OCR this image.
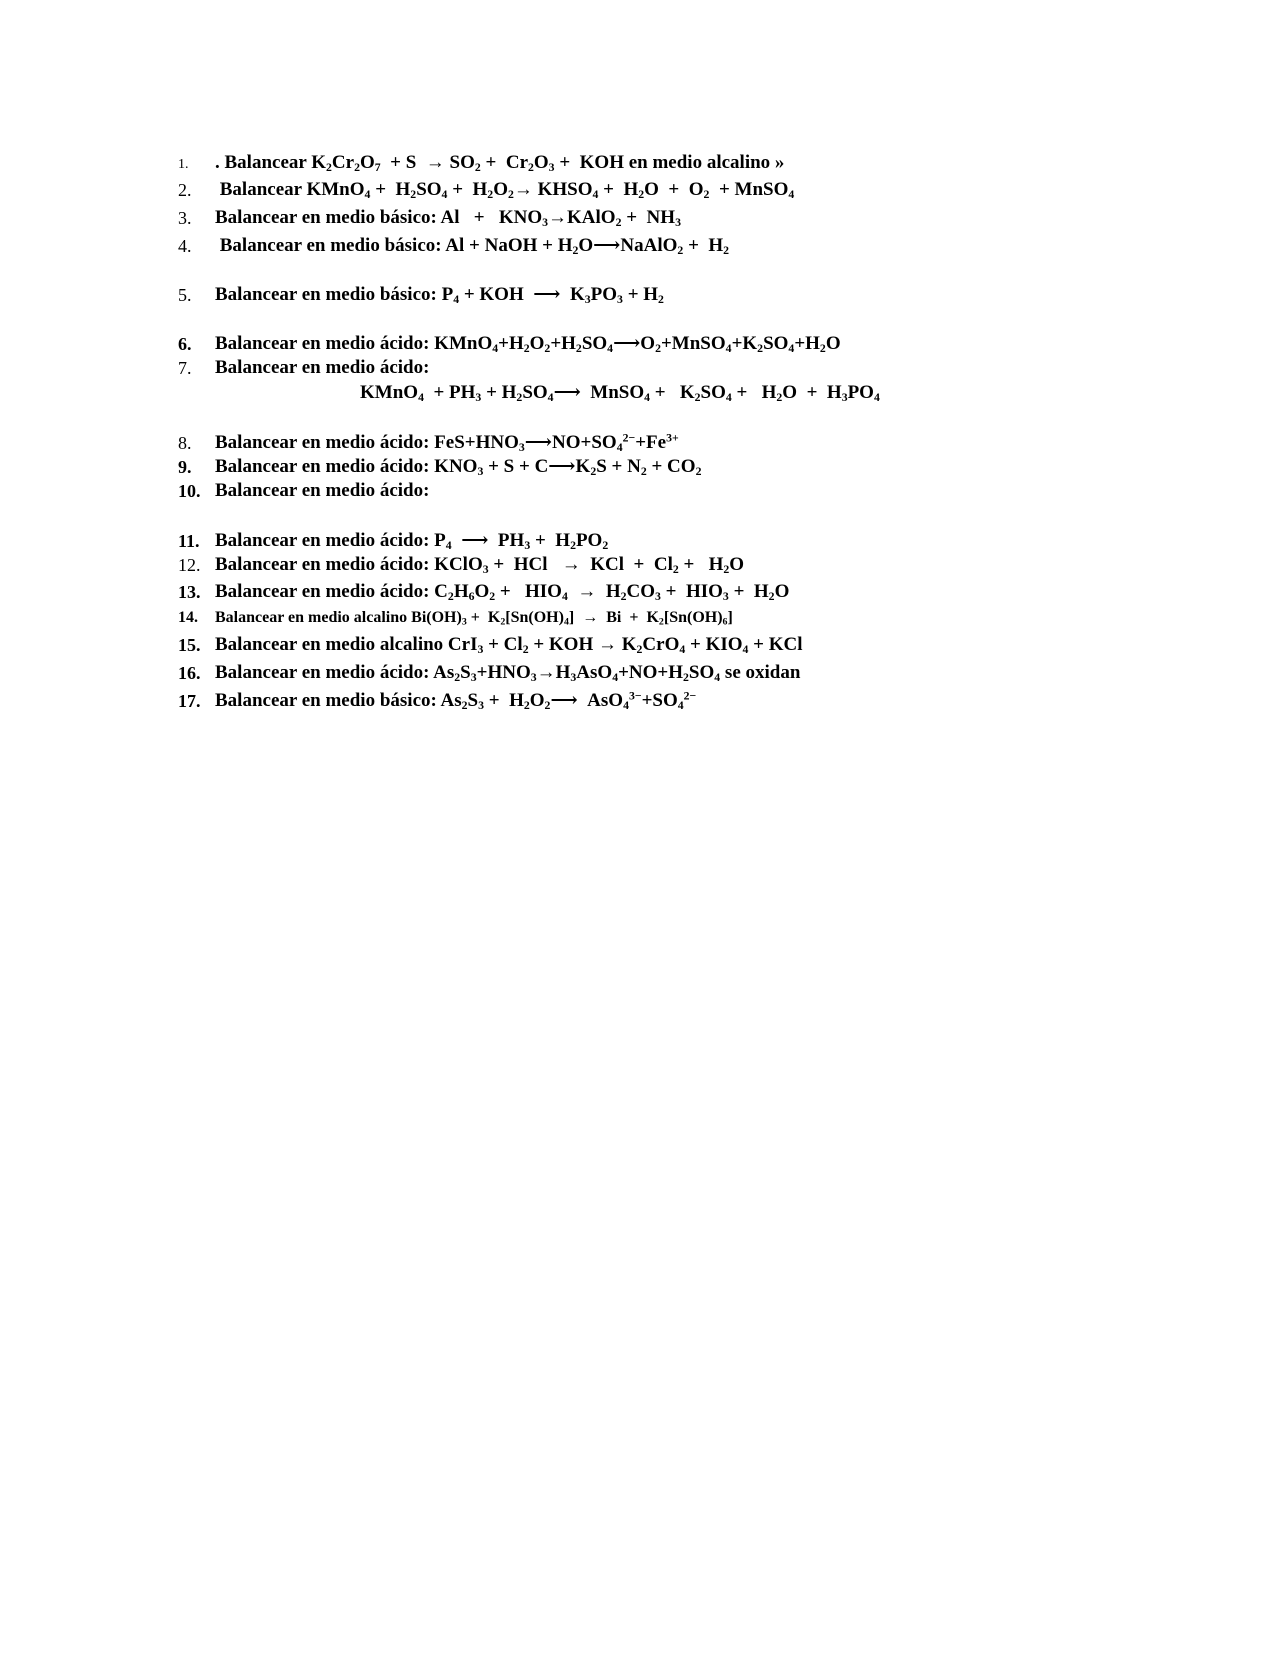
1. . Balancear $K_2Cr_2O_7 + S \to SO_2 + Cr_2O_3$ +  KOH en medio alcalino »
2. Balancear KMnO$_4$ +  $H_2SO_4 + H_2O_2\to$ $KHSO_4 + H_2O + O_2$  + MnSO$_4$
3. Balancear en medio básico: $Al + KNO_3\to KAlO_2 + NH_3$
4. Balancear en medio básico: Al + NaOH + $H_2O⟶NaAlO_2 + H_2$
5. Balancear en medio básico: $P_4$ + KOH  ⟶  $K_3PO_3 + H_2$
6. Balancear en medio ácido: $KMnO_4+H_2O_2+H_2SO_4⟶O_2+MnSO_4+K_2SO_4+H_2O$
7. Balancear en medio ácido:
KMnO$_4$  + $PH_3$ + $H_2SO_4⟶$  MnSO$_4$ +   $K_2SO_4 + H_2O + H_3PO_4$
8. Balancear en medio ácido: $FeS+HNO_3⟶NO+SO_4^{2-}+Fe^{3+}$
9. Balancear en medio ácido: $KNO_3 + S$ + $C⟶K_2S + N_2 + CO_2$
10. Balancear en medio ácido:
11. Balancear en medio ácido: $P_4$  ⟶  $PH_3 + H_2PO_2$
12. Balancear en medio ácido: KClO$_3$ +  HCl   →  KCl  +  $Cl_2 + H_2O$
13. Balancear en medio ácido: $C_2H_6O_2 + HIO_4 \to H_2CO_3 + HIO_3 + H_2O$
14. Balancear en medio alcalino $Bi(OH)_3 + K_2[Sn(OH)_4] \to Bi + K_2[Sn(OH)_6]$
15. Balancear en medio alcalino $CrI_3 + Cl_2$ + KOH → $K_2CrO_4 + KIO_4$ + KCl
16. Balancear en medio ácido: $As_2S_3+HNO_3\to H_3AsO_4+NO+H_2SO_4$ se oxidan
17. Balancear en medio básico: $As_2S_3$ +  $H_2O_2⟶$  $AsO_4^{3-}+SO_4^{2-}$
